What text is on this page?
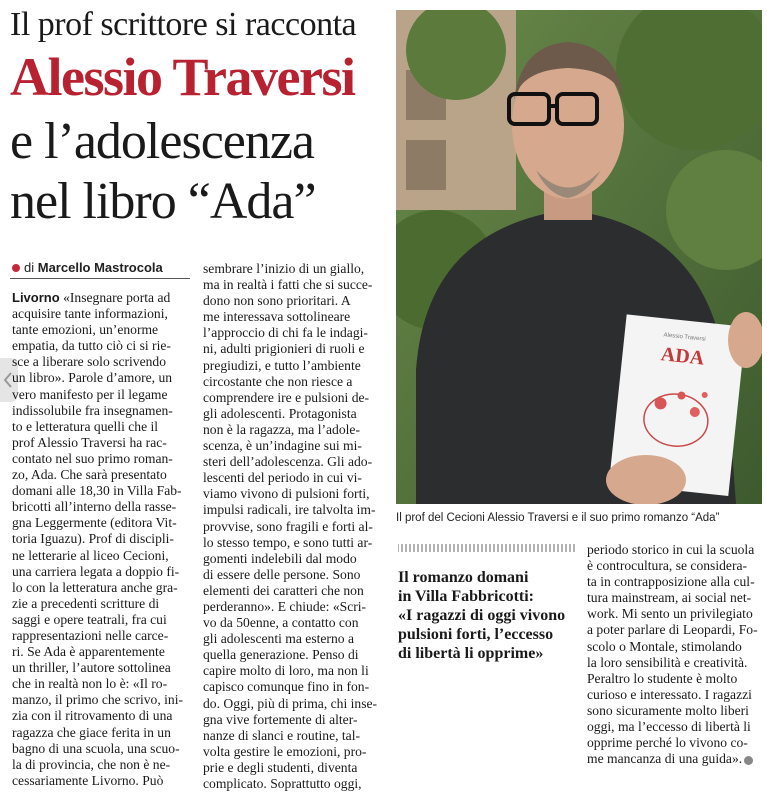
Il prof scrittore si racconta
Alessio Traversi
e l’adolescenza
nel libro “Ada”
di Marcello Mastrocola
Livorno «Insegnare porta ad
acquisire tante informazioni,
tante emozioni, un’enorme
empatia, da tutto ciò ci si rie-
sce a liberare solo scrivendo
un libro». Parole d’amore, un
vero manifesto per il legame
indissolubile fra insegnamen-
to e letteratura quelli che il
prof Alessio Traversi ha rac-
contato nel suo primo roman-
zo, Ada. Che sarà presentato
domani alle 18,30 in Villa Fab-
bricotti all’interno della rasse-
gna Leggermente (editora Vit-
toria Iguazu). Prof di discipli-
ne letterarie al liceo Cecioni,
una carriera legata a doppio fi-
lo con la letteratura anche gra-
zie a precedenti scritture di
saggi e opere teatrali, fra cui
rappresentazioni nelle carce-
ri. Se Ada è apparentemente
un thriller, l’autore sottolinea
che in realtà non lo è: «Il ro-
manzo, il primo che scrivo, ini-
zia con il ritrovamento di una
ragazza che giace ferita in un
bagno di una scuola, una scuo-
la di provincia, che non è ne-
cessariamente Livorno. Può
sembrare l’inizio di un giallo,
ma in realtà i fatti che si succe-
dono non sono prioritari. A
me interessava sottolineare
l’approccio di chi fa le indagi-
ni, adulti prigionieri di ruoli e
pregiudizi, e tutto l’ambiente
circostante che non riesce a
comprendere ire e pulsioni de-
gli adolescenti. Protagonista
non è la ragazza, ma l’adole-
scenza, è un’indagine sui mi-
steri dell’adolescenza. Gli ado-
lescenti del periodo in cui vi-
viamo vivono di pulsioni forti,
impulsi radicali, ire talvolta im-
provvise, sono fragili e forti al-
lo stesso tempo, e sono tutti ar-
gomenti indelebili dal modo
di essere delle persone. Sono
elementi dei caratteri che non
perderanno». E chiude: «Scri-
vo da 50enne, a contatto con
gli adolescenti ma esterno a
quella generazione. Penso di
capire molto di loro, ma non li
capisco comunque fino in fon-
do. Oggi, più di prima, chi inse-
gna vive fortemente di alter-
nanze di slanci e routine, tal-
volta gestire le emozioni, pro-
prie e degli studenti, diventa
complicato. Soprattutto oggi,
ADA
Alessio Traversi
Il prof del Cecioni Alessio Traversi e il suo primo romanzo “Ada”
Il romanzo domani
in Villa Fabbricotti:
«I ragazzi di oggi vivono
pulsioni forti, l’eccesso
di libertà li opprime»
periodo storico in cui la scuola
è controcultura, se considera-
ta in contrapposizione alla cul-
tura mainstream, ai social net-
work. Mi sento un privilegiato
a poter parlare di Leopardi, Fo-
scolo o Montale, stimolando
la loro sensibilità e creatività.
Peraltro lo studente è molto
curioso e interessato. I ragazzi
sono sicuramente molto liberi
oggi, ma l’eccesso di libertà li
opprime perché lo vivono co-
me mancanza di una guida».
